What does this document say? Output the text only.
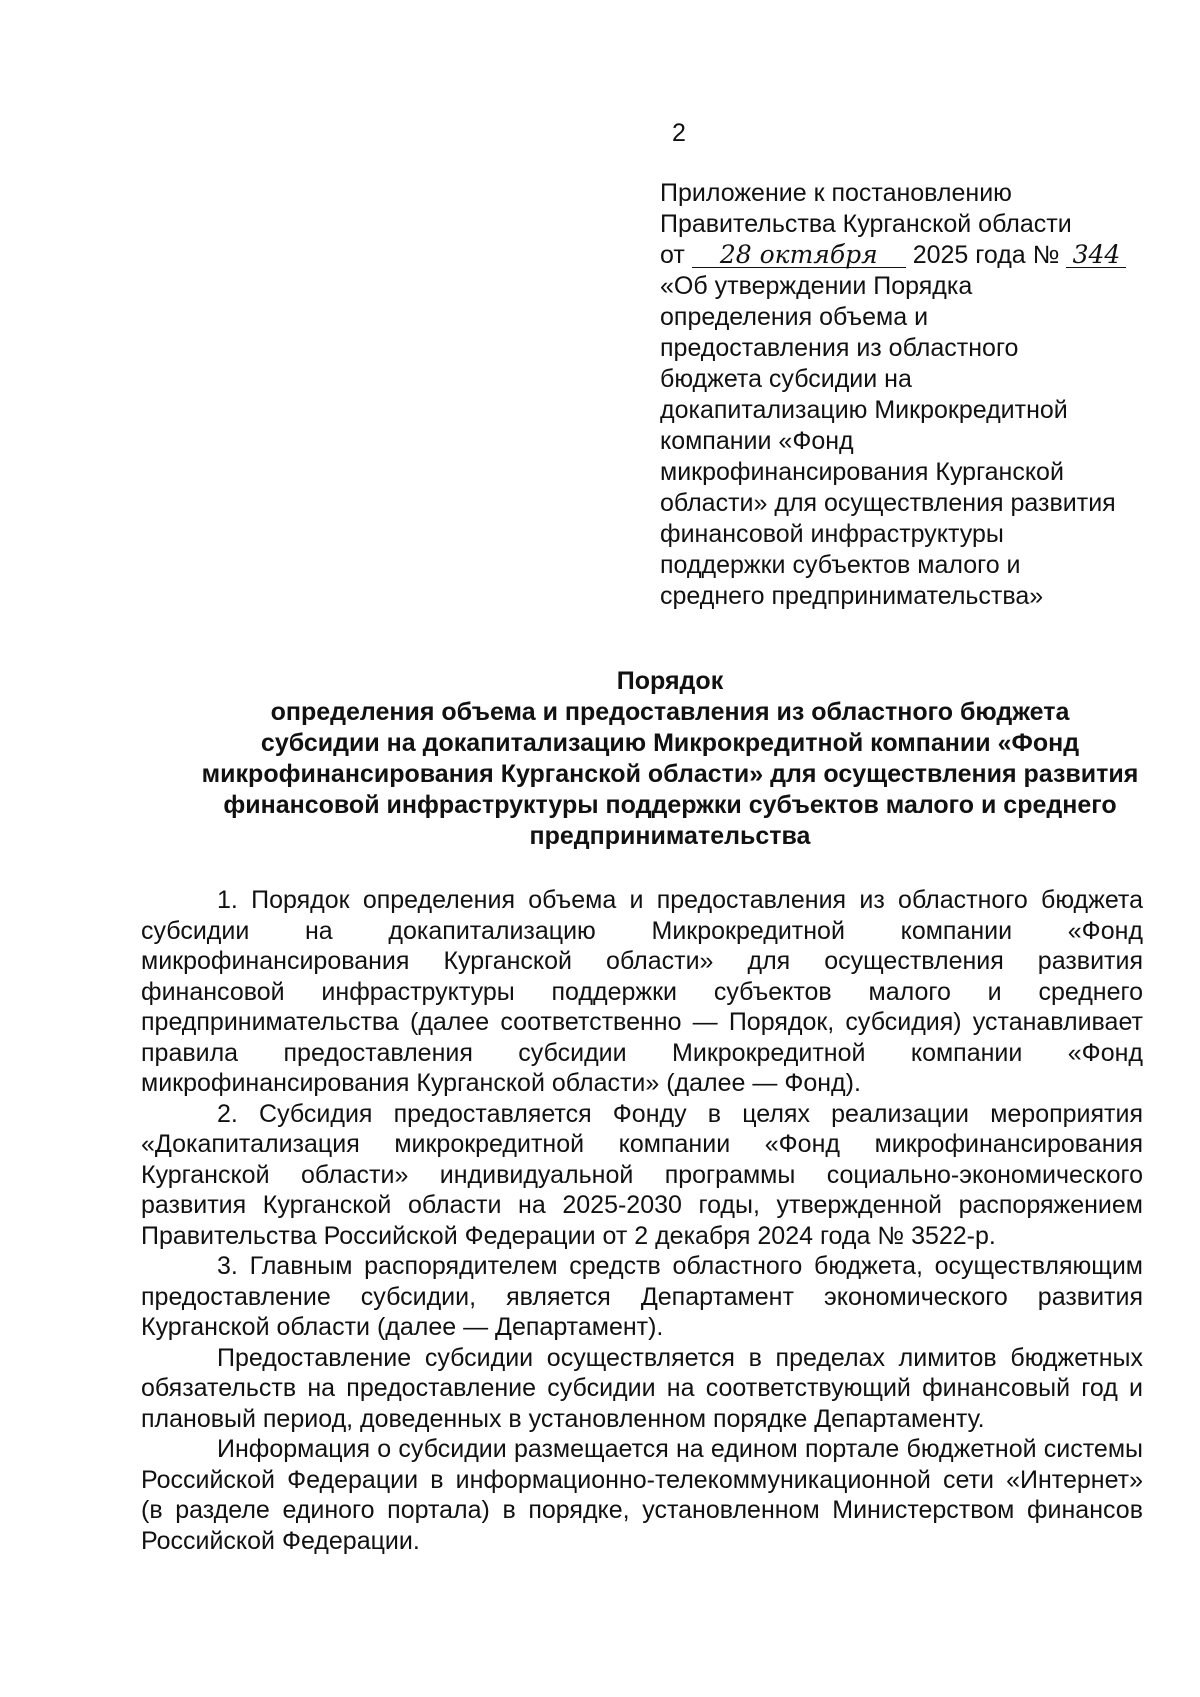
2
Приложение к постановлению
Правительства Курганской области
от 28 октября 2025 года № 344
«Об утверждении Порядка
определения объема и
предоставления из областного
бюджета субсидии на
докапитализацию Микрокредитной
компании «Фонд
микрофинансирования Курганской
области» для осуществления развития
финансовой инфраструктуры
поддержки субъектов малого и
среднего предпринимательства»
Порядок
определения объема и предоставления из областного бюджета
субсидии на докапитализацию Микрокредитной компании «Фонд
микрофинансирования Курганской области» для осуществления развития
финансовой инфраструктуры поддержки субъектов малого и среднего
предпринимательства

1. Порядок определения объема и предоставления из областного бюджета субсидии на докапитализацию Микрокредитной компании «Фонд микрофинансирования Курганской области» для осуществления развития финансовой инфраструктуры поддержки субъектов малого и среднего предпринимательства (далее соответственно — Порядок, субсидия) устанавливает правила предоставления субсидии Микрокредитной компании «Фонд микрофинансирования Курганской области» (далее — Фонд).

2. Субсидия предоставляется Фонду в целях реализации мероприятия «Докапитализация микрокредитной компании «Фонд микрофинансирования Курганской области» индивидуальной программы социально-экономического развития Курганской области на 2025-2030 годы, утвержденной распоряжением Правительства Российской Федерации от 2 декабря 2024 года № 3522-р.

3. Главным распорядителем средств областного бюджета, осуществляющим предоставление субсидии, является Департамент экономического развития Курганской области (далее — Департамент).

Предоставление субсидии осуществляется в пределах лимитов бюджетных обязательств на предоставление субсидии на соответствующий финансовый год и плановый период, доведенных в установленном порядке Департаменту.

Информация о субсидии размещается на едином портале бюджетной системы Российской Федерации в информационно-телекоммуникационной сети «Интернет» (в разделе единого портала) в порядке, установленном Министерством финансов Российской Федерации.
